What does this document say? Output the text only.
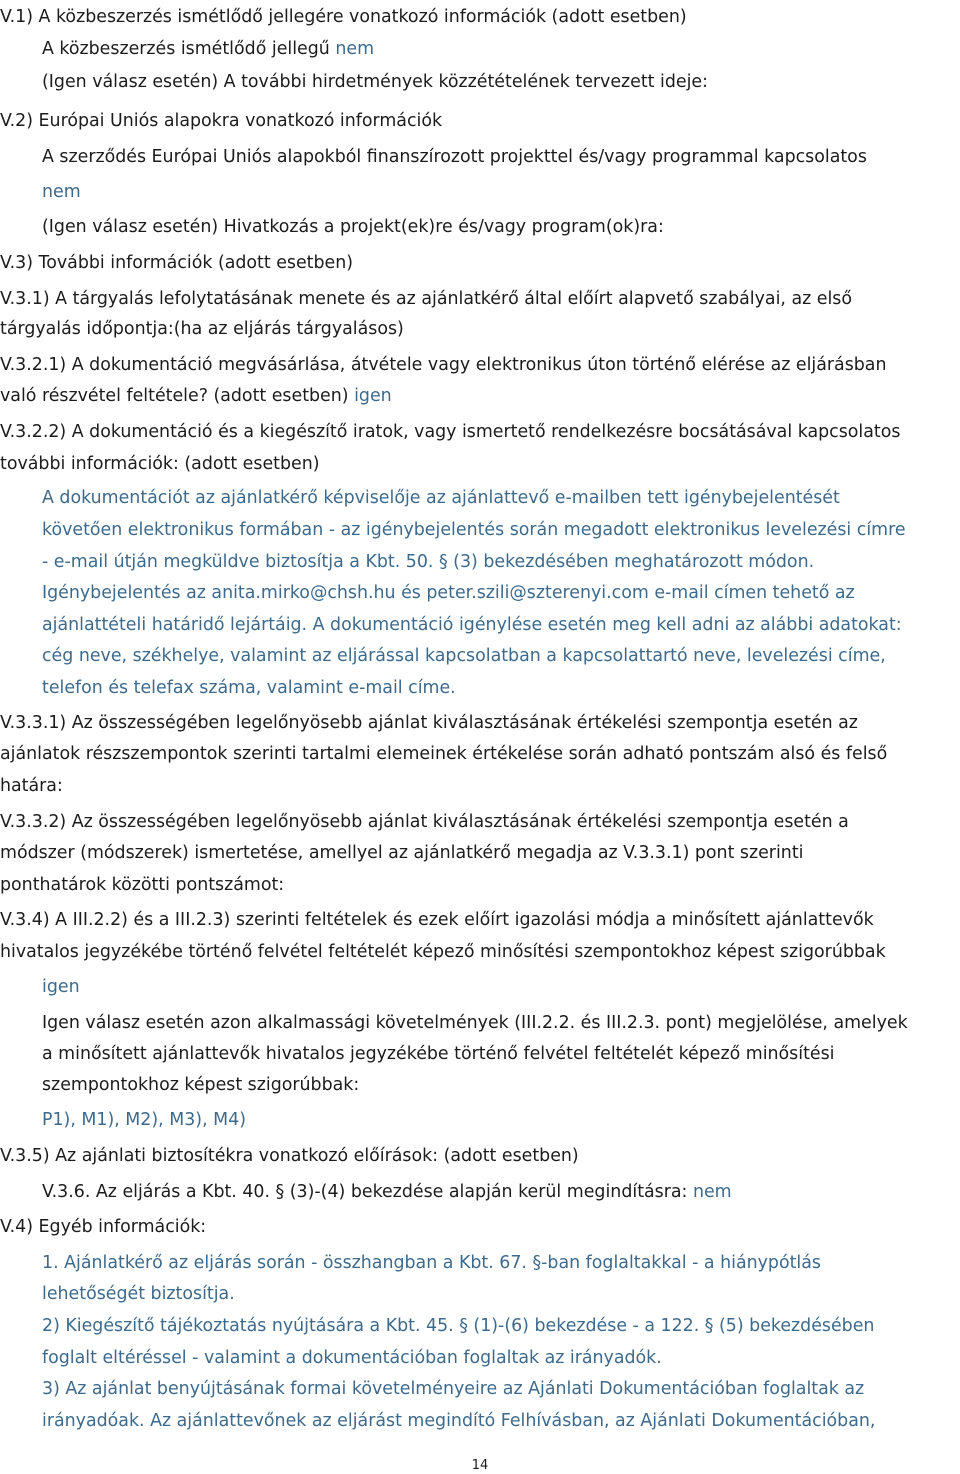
V.1) A közbeszerzés ismétlődő jellegére vonatkozó információk (adott esetben)
A közbeszerzés ismétlődő jellegű nem
(Igen válasz esetén) A további hirdetmények közzétételének tervezett ideje:
V.2) Európai Uniós alapokra vonatkozó információk
A szerződés Európai Uniós alapokból finanszírozott projekttel és/vagy programmal kapcsolatos
nem
(Igen válasz esetén) Hivatkozás a projekt(ek)re és/vagy program(ok)ra:
V.3) További információk (adott esetben)
V.3.1) A tárgyalás lefolytatásának menete és az ajánlatkérő által előírt alapvető szabályai, az első
tárgyalás időpontja:(ha az eljárás tárgyalásos)
V.3.2.1) A dokumentáció megvásárlása, átvétele vagy elektronikus úton történő elérése az eljárásban
való részvétel feltétele? (adott esetben) igen
V.3.2.2) A dokumentáció és a kiegészítő iratok, vagy ismertető rendelkezésre bocsátásával kapcsolatos
további információk: (adott esetben)
A dokumentációt az ajánlatkérő képviselője az ajánlattevő e-mailben tett igénybejelentését
követően elektronikus formában - az igénybejelentés során megadott elektronikus levelezési címre
- e-mail útján megküldve biztosítja a Kbt. 50. § (3) bekezdésében meghatározott módon.
Igénybejelentés az anita.mirko@chsh.hu és peter.szili@szterenyi.com e-mail címen tehető az
ajánlattételi határidő lejártáig. A dokumentáció igénylése esetén meg kell adni az alábbi adatokat:
cég neve, székhelye, valamint az eljárással kapcsolatban a kapcsolattartó neve, levelezési címe,
telefon és telefax száma, valamint e-mail címe.
V.3.3.1) Az összességében legelőnyösebb ajánlat kiválasztásának értékelési szempontja esetén az
ajánlatok részszempontok szerinti tartalmi elemeinek értékelése során adható pontszám alsó és felső
határa:
V.3.3.2) Az összességében legelőnyösebb ajánlat kiválasztásának értékelési szempontja esetén a
módszer (módszerek) ismertetése, amellyel az ajánlatkérő megadja az V.3.3.1) pont szerinti
ponthatárok közötti pontszámot:
V.3.4) A III.2.2) és a III.2.3) szerinti feltételek és ezek előírt igazolási módja a minősített ajánlattevők
hivatalos jegyzékébe történő felvétel feltételét képező minősítési szempontokhoz képest szigorúbbak
igen
Igen válasz esetén azon alkalmassági követelmények (III.2.2. és III.2.3. pont) megjelölése, amelyek
a minősített ajánlattevők hivatalos jegyzékébe történő felvétel feltételét képező minősítési
szempontokhoz képest szigorúbbak:
P1), M1), M2), M3), M4)
V.3.5) Az ajánlati biztosítékra vonatkozó előírások: (adott esetben)
V.3.6. Az eljárás a Kbt. 40. § (3)-(4) bekezdése alapján kerül megindításra: nem
V.4) Egyéb információk:
1. Ajánlatkérő az eljárás során - összhangban a Kbt. 67. §-ban foglaltakkal - a hiánypótlás
lehetőségét biztosítja.
2) Kiegészítő tájékoztatás nyújtására a Kbt. 45. § (1)-(6) bekezdése - a 122. § (5) bekezdésében
foglalt eltéréssel - valamint a dokumentációban foglaltak az irányadók.
3) Az ajánlat benyújtásának formai követelményeire az Ajánlati Dokumentációban foglaltak az
irányadóak. Az ajánlattevőnek az eljárást megindító Felhívásban, az Ajánlati Dokumentációban,
14
